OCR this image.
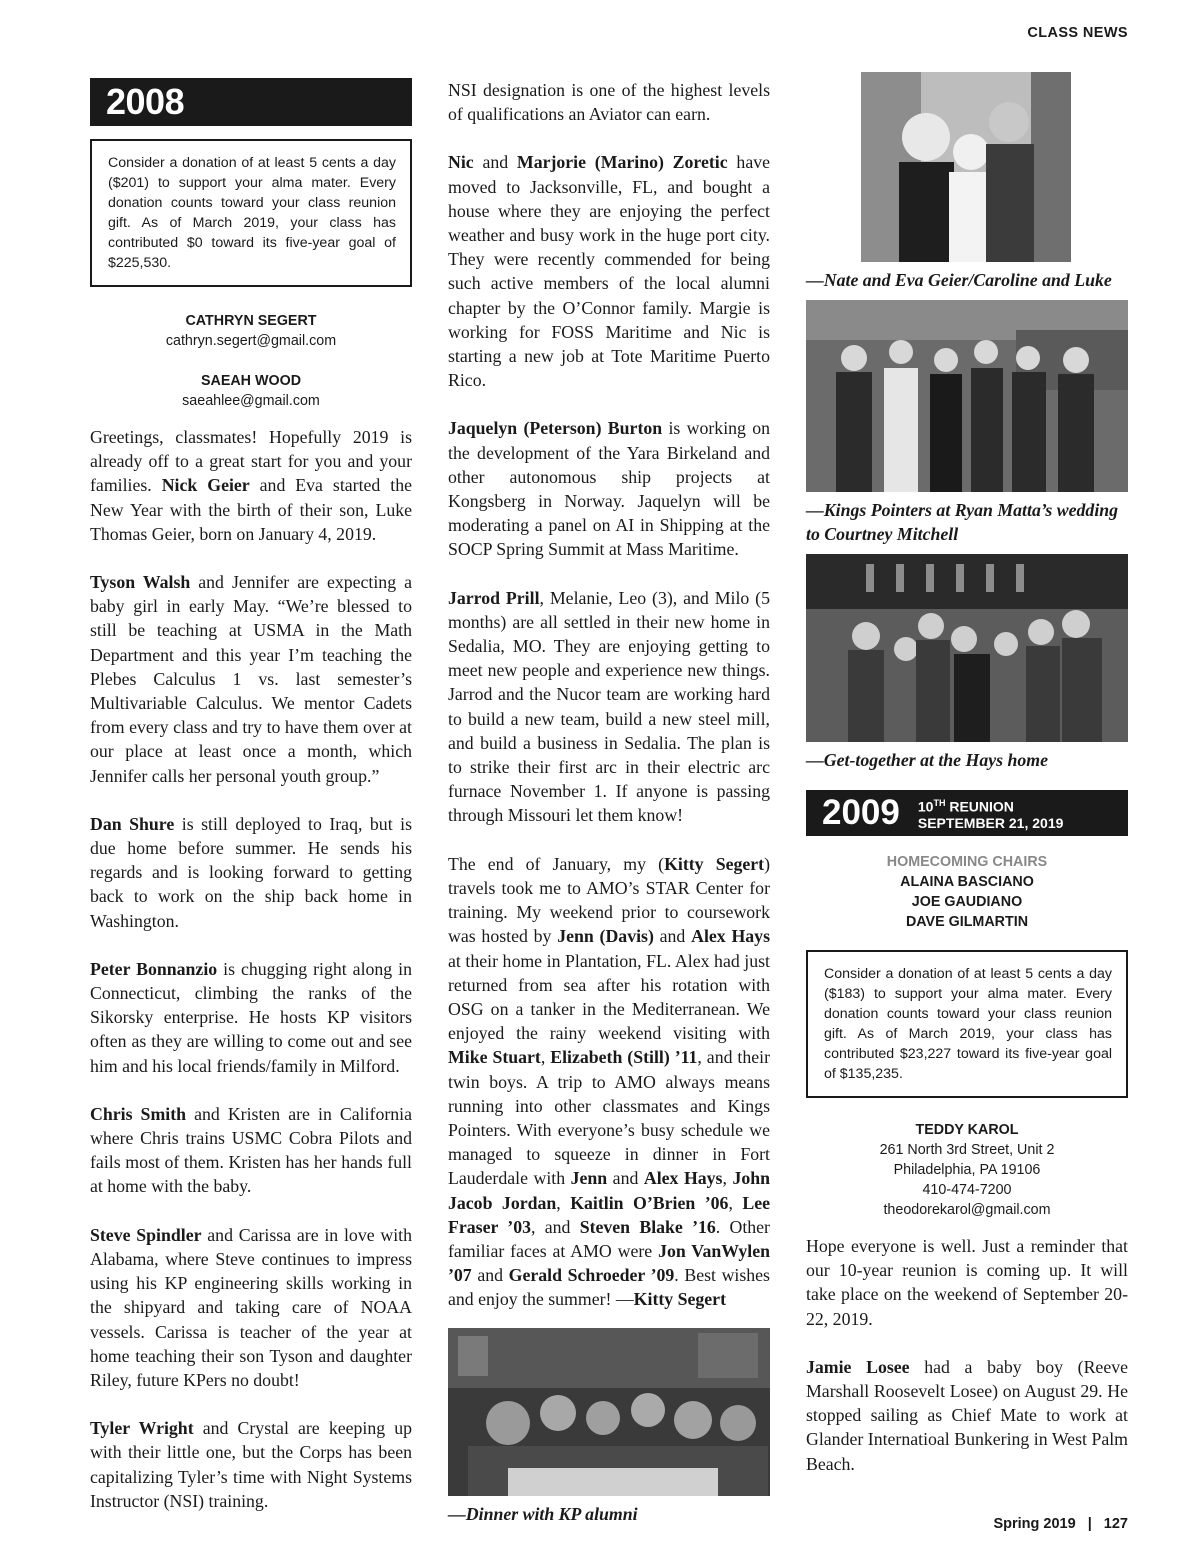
CLASS NEWS
2008
Consider a donation of at least 5 cents a day ($201) to support your alma mater. Every donation counts toward your class reunion gift. As of March 2019, your class has contributed $0 toward its five-year goal of $225,530.
CATHRYN SEGERT
cathryn.segert@gmail.com
SAEAH WOOD
saeahlee@gmail.com

Greetings, classmates! Hopefully 2019 is already off to a great start for you and your families. Nick Geier and Eva started the New Year with the birth of their son, Luke Thomas Geier, born on January 4, 2019.

Tyson Walsh and Jennifer are expecting a baby girl in early May. “We’re blessed to still be teaching at USMA in the Math Department and this year I’m teaching the Plebes Calculus 1 vs. last semester’s Multivariable Calculus. We mentor Cadets from every class and try to have them over at our place at least once a month, which Jennifer calls her personal youth group.”

Dan Shure is still deployed to Iraq, but is due home before summer. He sends his regards and is looking forward to getting back to work on the ship back home in Washington.

Peter Bonnanzio is chugging right along in Connecticut, climbing the ranks of the Sikorsky enterprise. He hosts KP visitors often as they are willing to come out and see him and his local friends/family in Milford.

Chris Smith and Kristen are in California where Chris trains USMC Cobra Pilots and fails most of them. Kristen has her hands full at home with the baby.

Steve Spindler and Carissa are in love with Alabama, where Steve continues to impress using his KP engineering skills working in the shipyard and taking care of NOAA vessels. Carissa is teacher of the year at home teaching their son Tyson and daughter Riley, future KPers no doubt!

Tyler Wright and Crystal are keeping up with their little one, but the Corps has been capitalizing Tyler’s time with Night Systems Instructor (NSI) training.

NSI designation is one of the highest levels of qualifications an Aviator can earn.

Nic and Marjorie (Marino) Zoretic have moved to Jacksonville, FL, and bought a house where they are enjoying the perfect weather and busy work in the huge port city. They were recently commended for being such active members of the local alumni chapter by the O’Connor family. Margie is working for FOSS Maritime and Nic is starting a new job at Tote Maritime Puerto Rico.

Jaquelyn (Peterson) Burton is working on the development of the Yara Birkeland and other autonomous ship projects at Kongsberg in Norway. Jaquelyn will be moderating a panel on AI in Shipping at the SOCP Spring Summit at Mass Maritime.

Jarrod Prill, Melanie, Leo (3), and Milo (5 months) are all settled in their new home in Sedalia, MO. They are enjoying getting to meet new people and experience new things. Jarrod and the Nucor team are working hard to build a new team, build a new steel mill, and build a business in Sedalia. The plan is to strike their first arc in their electric arc furnace November 1. If anyone is passing through Missouri let them know!

The end of January, my (Kitty Segert) travels took me to AMO’s STAR Center for training. My weekend prior to coursework was hosted by Jenn (Davis) and Alex Hays at their home in Plantation, FL. Alex had just returned from sea after his rotation with OSG on a tanker in the Mediterranean. We enjoyed the rainy weekend visiting with Mike Stuart, Elizabeth (Still) ’11, and their twin boys. A trip to AMO always means running into other classmates and Kings Pointers. With everyone’s busy schedule we managed to squeeze in dinner in Fort Lauderdale with Jenn and Alex Hays, John Jacob Jordan, Kaitlin O’Brien ’06, Lee Fraser ’03, and Steven Blake ’16. Other familiar faces at AMO were Jon VanWylen ’07 and Gerald Schroeder ’09. Best wishes and enjoy the summer! —Kitty Segert

—Dinner with KP alumni
—Nate and Eva Geier/Caroline and Luke
—Kings Pointers at Ryan Matta’s wedding to Courtney Mitchell
—Get-together at the Hays home
2009 10TH REUNION
SEPTEMBER 21, 2019
HOMECOMING CHAIRS
ALAINA BASCIANO
JOE GAUDIANO
DAVE GILMARTIN
Consider a donation of at least 5 cents a day ($183) to support your alma mater. Every donation counts toward your class reunion gift. As of March 2019, your class has contributed $23,227 toward its five-year goal of $135,235.
TEDDY KAROL
261 North 3rd Street, Unit 2
Philadelphia, PA 19106
410-474-7200
theodorekarol@gmail.com

Hope everyone is well. Just a reminder that our 10-year reunion is coming up. It will take place on the weekend of September 20-22, 2019.

Jamie Losee had a baby boy (Reeve Marshall Roosevelt Losee) on August 29. He stopped sailing as Chief Mate to work at Glander Internatioal Bunkering in West Palm Beach.

Spring 2019 | 127
